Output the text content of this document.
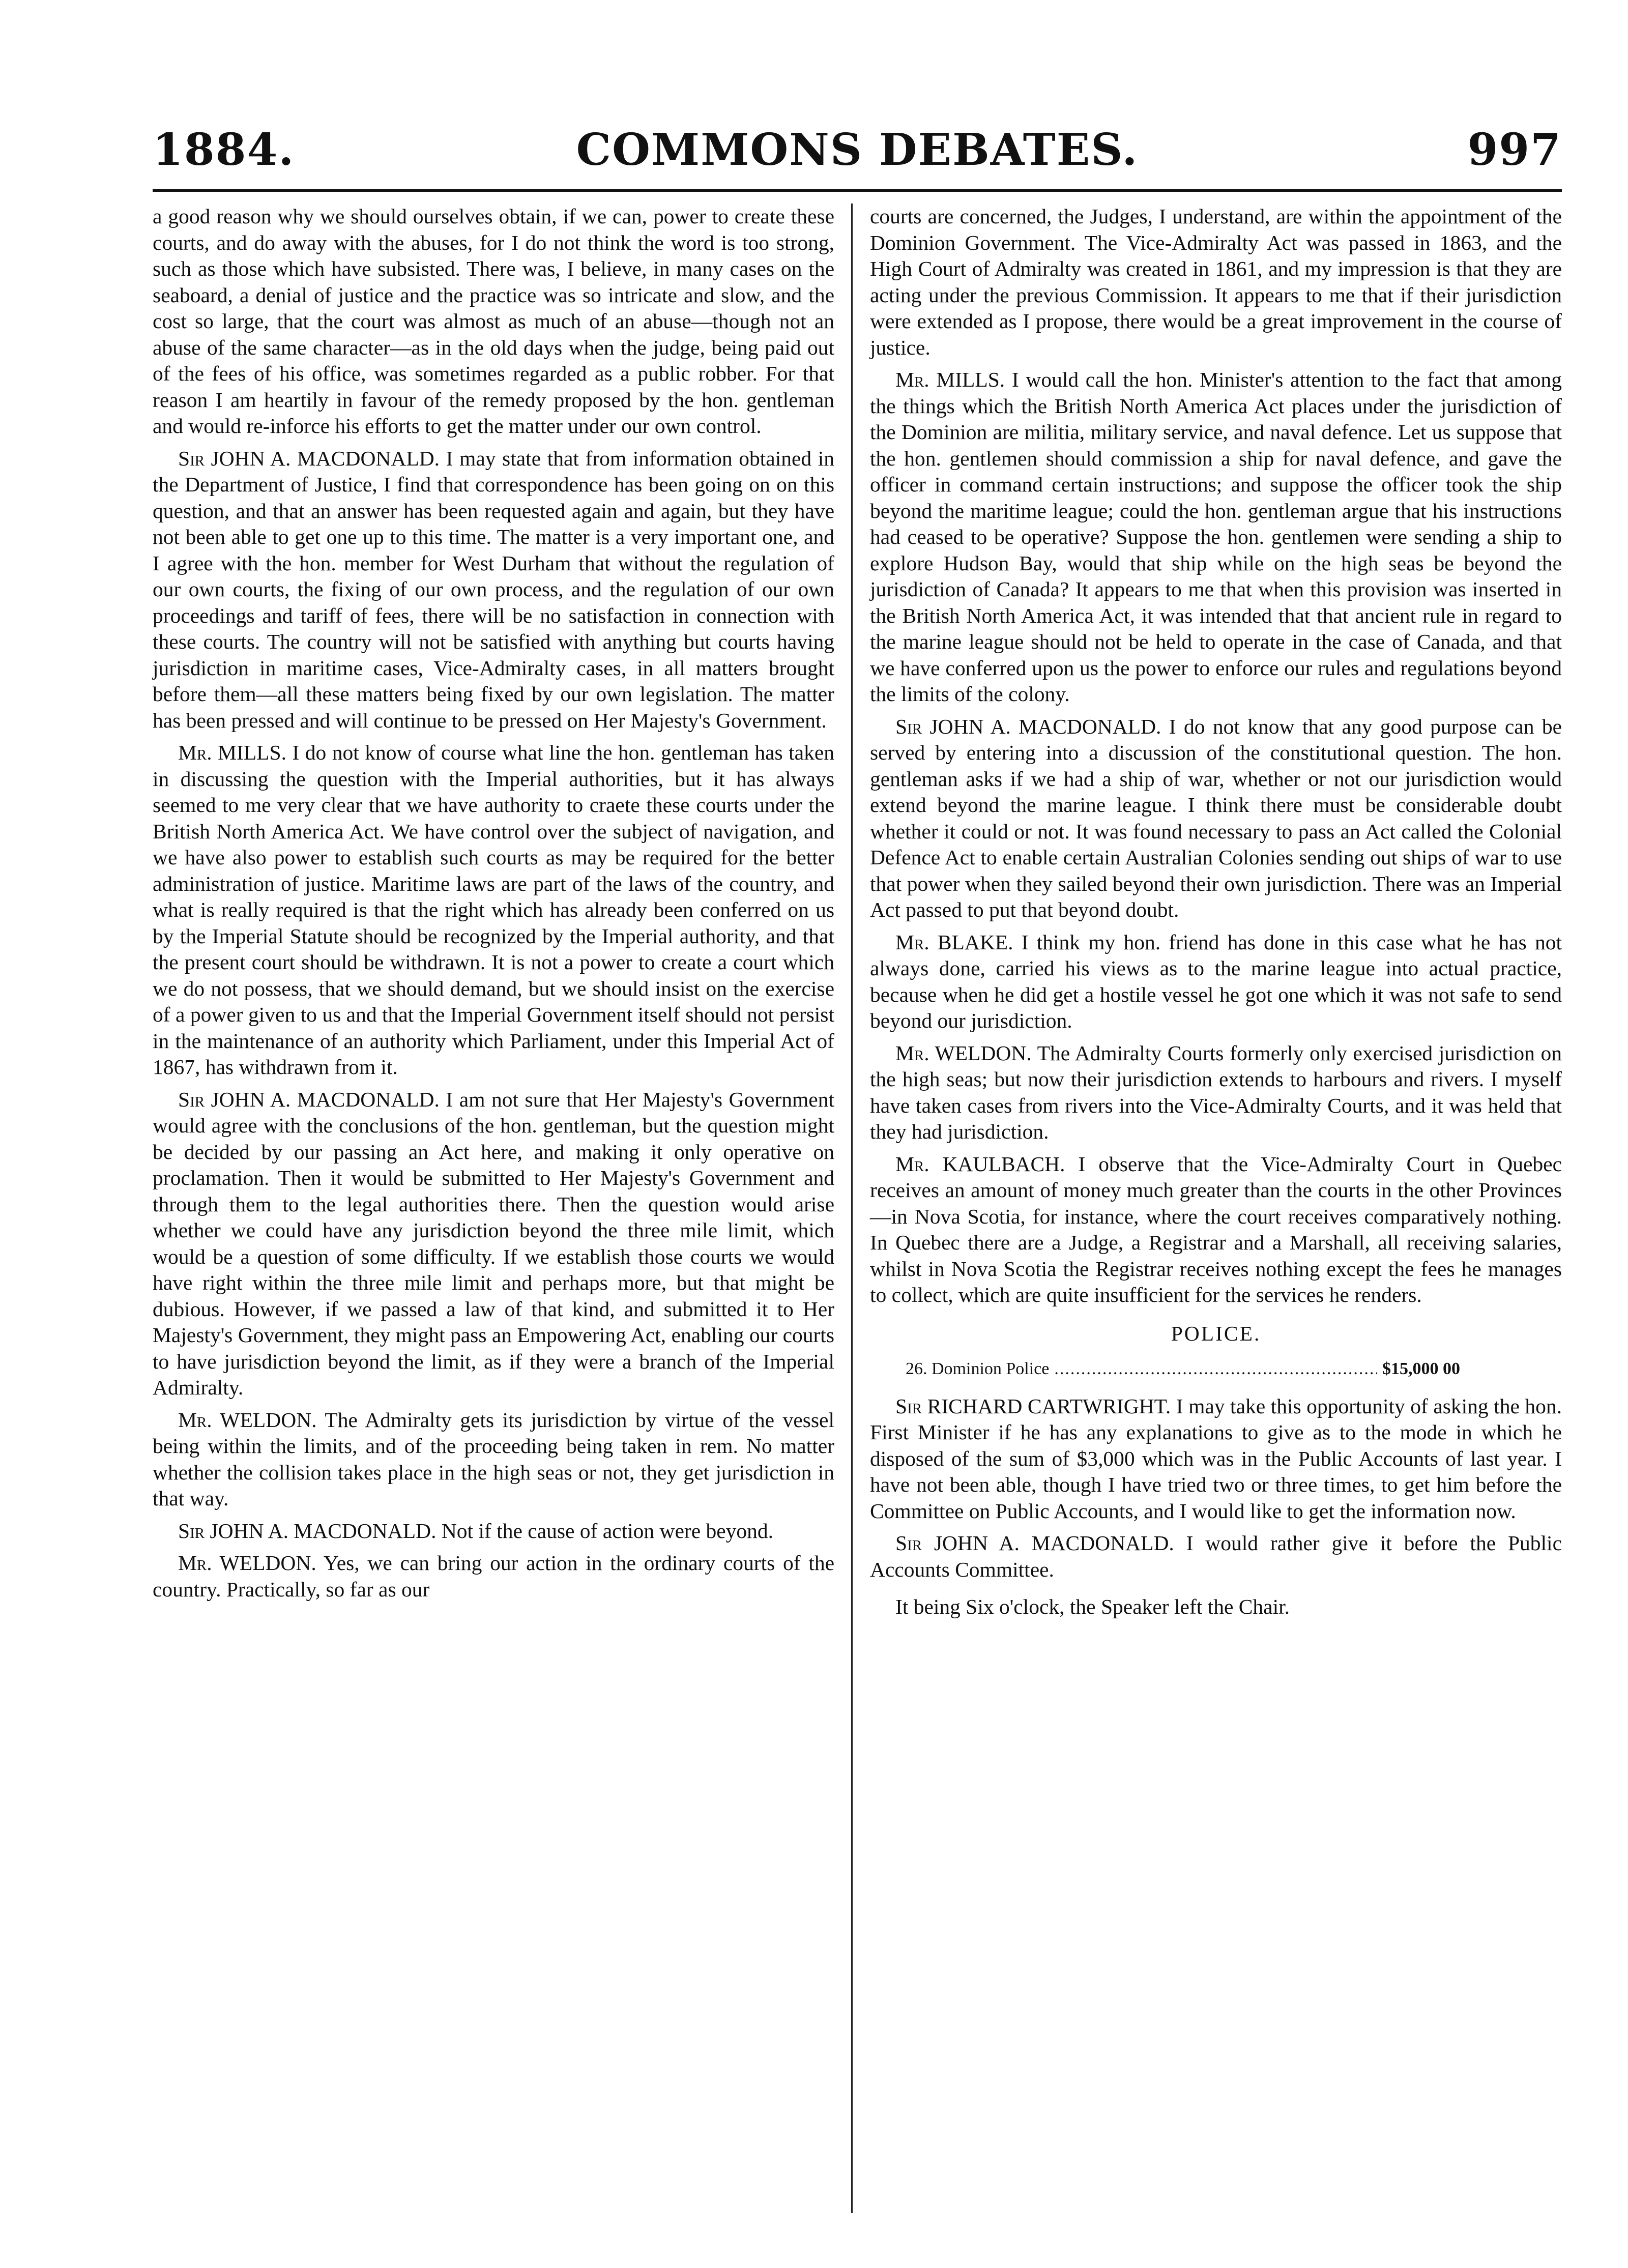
1884.	COMMONS DEBATES.	997

a good reason why we should ourselves obtain, if we can, power to create these courts, and do away with the abuses, for I do not think the word is too strong, such as those which have subsisted. There was, I believe, in many cases on the seaboard, a denial of justice and the practice was so intricate and slow, and the cost so large, that the court was almost as much of an abuse—though not an abuse of the same character—as in the old days when the judge, being paid out of the fees of his office, was sometimes regarded as a public robber. For that reason I am heartily in favour of the remedy proposed by the hon. gentleman and would re-inforce his efforts to get the matter under our own control.

Sir JOHN A. MACDONALD. I may state that from information obtained in the Department of Justice, I find that correspondence has been going on on this question, and that an answer has been requested again and again, but they have not been able to get one up to this time. The matter is a very important one, and I agree with the hon. member for West Durham that without the regulation of our own courts, the fixing of our own process, and the regulation of our own proceedings and tariff of fees, there will be no satisfaction in connection with these courts. The country will not be satisfied with anything but courts having jurisdiction in maritime cases, Vice-Admiralty cases, in all matters brought before them—all these matters being fixed by our own legislation. The matter has been pressed and will continue to be pressed on Her Majesty's Government.

Mr. MILLS. I do not know of course what line the hon. gentleman has taken in discussing the question with the Imperial authorities, but it has always seemed to me very clear that we have authority to craete these courts under the British North America Act. We have control over the subject of navigation, and we have also power to establish such courts as may be required for the better administration of justice. Maritime laws are part of the laws of the country, and what is really required is that the right which has already been conferred on us by the Imperial Statute should be recognized by the Imperial authority, and that the present court should be withdrawn. It is not a power to create a court which we do not possess, that we should demand, but we should insist on the exercise of a power given to us and that the Imperial Government itself should not persist in the maintenance of an authority which Parliament, under this Imperial Act of 1867, has withdrawn from it.

Sir JOHN A. MACDONALD. I am not sure that Her Majesty's Government would agree with the conclusions of the hon. gentleman, but the question might be decided by our passing an Act here, and making it only operative on proclamation. Then it would be submitted to Her Majesty's Government and through them to the legal authorities there. Then the question would arise whether we could have any jurisdiction beyond the three mile limit, which would be a question of some difficulty. If we establish those courts we would have right within the three mile limit and perhaps more, but that might be dubious. However, if we passed a law of that kind, and submitted it to Her Majesty's Government, they might pass an Empowering Act, enabling our courts to have jurisdiction beyond the limit, as if they were a branch of the Imperial Admiralty.

Mr. WELDON. The Admiralty gets its jurisdiction by virtue of the vessel being within the limits, and of the proceeding being taken in rem. No matter whether the collision takes place in the high seas or not, they get jurisdiction in that way.

Sir JOHN A. MACDONALD. Not if the cause of action were beyond.

Mr. WELDON. Yes, we can bring our action in the ordinary courts of the country. Practically, so far as our

courts are concerned, the Judges, I understand, are within the appointment of the Dominion Government. The Vice-Admiralty Act was passed in 1863, and the High Court of Admiralty was created in 1861, and my impression is that they are acting under the previous Commission. It appears to me that if their jurisdiction were extended as I propose, there would be a great improvement in the course of justice.

Mr. MILLS. I would call the hon. Minister's attention to the fact that among the things which the British North America Act places under the jurisdiction of the Dominion are militia, military service, and naval defence. Let us suppose that the hon. gentlemen should commission a ship for naval defence, and gave the officer in command certain instructions; and suppose the officer took the ship beyond the maritime league; could the hon. gentleman argue that his instructions had ceased to be operative? Suppose the hon. gentlemen were sending a ship to explore Hudson Bay, would that ship while on the high seas be beyond the jurisdiction of Canada? It appears to me that when this provision was inserted in the British North America Act, it was intended that that ancient rule in regard to the marine league should not be held to operate in the case of Canada, and that we have conferred upon us the power to enforce our rules and regulations beyond the limits of the colony.

Sir JOHN A. MACDONALD. I do not know that any good purpose can be served by entering into a discussion of the constitutional question. The hon. gentleman asks if we had a ship of war, whether or not our jurisdiction would extend beyond the marine league. I think there must be considerable doubt whether it could or not. It was found necessary to pass an Act called the Colonial Defence Act to enable certain Australian Colonies sending out ships of war to use that power when they sailed beyond their own jurisdiction. There was an Imperial Act passed to put that beyond doubt.

Mr. BLAKE. I think my hon. friend has done in this case what he has not always done, carried his views as to the marine league into actual practice, because when he did get a hostile vessel he got one which it was not safe to send beyond our jurisdiction.

Mr. WELDON. The Admiralty Courts formerly only exercised jurisdiction on the high seas; but now their jurisdiction extends to harbours and rivers. I myself have taken cases from rivers into the Vice-Admiralty Courts, and it was held that they had jurisdiction.

Mr. KAULBACH. I observe that the Vice-Admiralty Court in Quebec receives an amount of money much greater than the courts in the other Provinces—in Nova Scotia, for instance, where the court receives comparatively nothing. In Quebec there are a Judge, a Registrar and a Marshall, all receiving salaries, whilst in Nova Scotia the Registrar receives nothing except the fees he manages to collect, which are quite insufficient for the services he renders.

POLICE.
26. Dominion Police
.....	$15,000 00

Sir RICHARD CARTWRIGHT. I may take this opportunity of asking the hon. First Minister if he has any explanations to give as to the mode in which he disposed of the sum of $3,000 which was in the Public Accounts of last year. I have not been able, though I have tried two or three times, to get him before the Committee on Public Accounts, and I would like to get the information now.

Sir JOHN A. MACDONALD. I would rather give it before the Public Accounts Committee.

It being Six o'clock, the Speaker left the Chair.
